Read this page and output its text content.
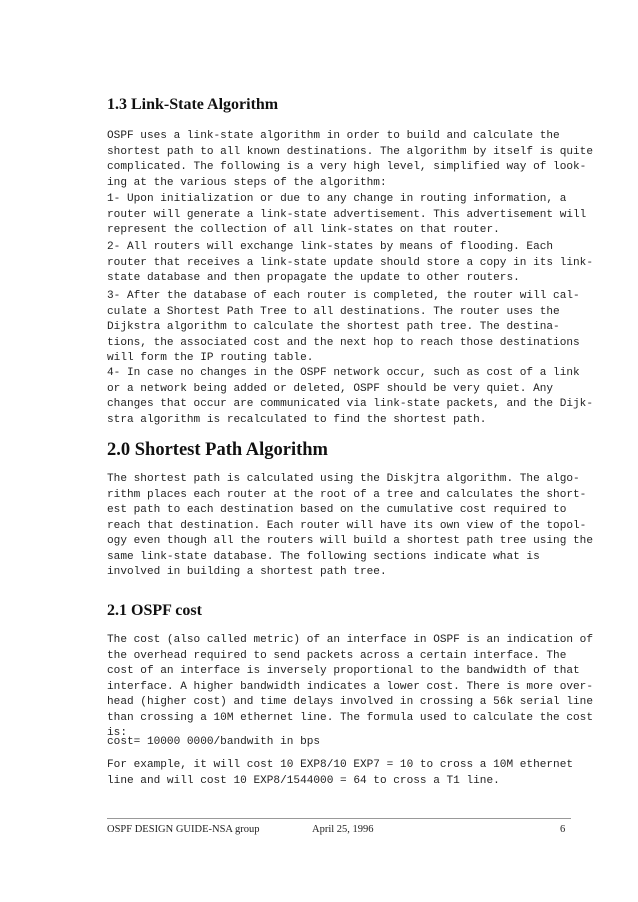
1.3 Link-State Algorithm

OSPF uses a link-state algorithm in order to build and calculate the
shortest path to all known destinations. The algorithm by itself is quite
complicated. The following is a very high level, simplified way of look-
ing at the various steps of the algorithm:

1- Upon initialization or due to any change in routing information, a
router will generate a link-state advertisement. This advertisement will
represent the collection of all link-states on that router.

2- All routers will exchange link-states by means of flooding. Each
router that receives a link-state update should store a copy in its link-
state database and then propagate the update to other routers.

3- After the database of each router is completed, the router will cal-
culate a Shortest Path Tree to all destinations. The router uses the
Dijkstra algorithm to calculate the shortest path tree. The destina-
tions, the associated cost and the next hop to reach those destinations
will form the IP routing table.

4- In case no changes in the OSPF network occur, such as cost of a link
or a network being added or deleted, OSPF should be very quiet. Any
changes that occur are communicated via link-state packets, and the Dijk-
stra algorithm is recalculated to find the shortest path.

2.0 Shortest Path Algorithm

The shortest path is calculated using the Diskjtra algorithm. The algo-
rithm places each router at the root of a tree and calculates the short-
est path to each destination based on the cumulative cost required to
reach that destination. Each router will have its own view of the topol-
ogy even though all the routers will build a shortest path tree using the
same link-state database. The following sections indicate what is
involved in building a shortest path tree.

2.1 OSPF cost

The cost (also called metric) of an interface in OSPF is an indication of
the overhead required to send packets across a certain interface. The
cost of an interface is inversely proportional to the bandwidth of that
interface. A higher bandwidth indicates a lower cost. There is more over-
head (higher cost) and time delays involved in crossing a 56k serial line
than crossing a 10M ethernet line. The formula used to calculate the cost
is:

cost= 10000 0000/bandwith in bps

For example, it will cost 10 EXP8/10 EXP7 = 10 to cross a 10M ethernet
line and will cost 10 EXP8/1544000 = 64 to cross a T1 line.

OSPF DESIGN GUIDE-NSA group	April 25, 1996	6
